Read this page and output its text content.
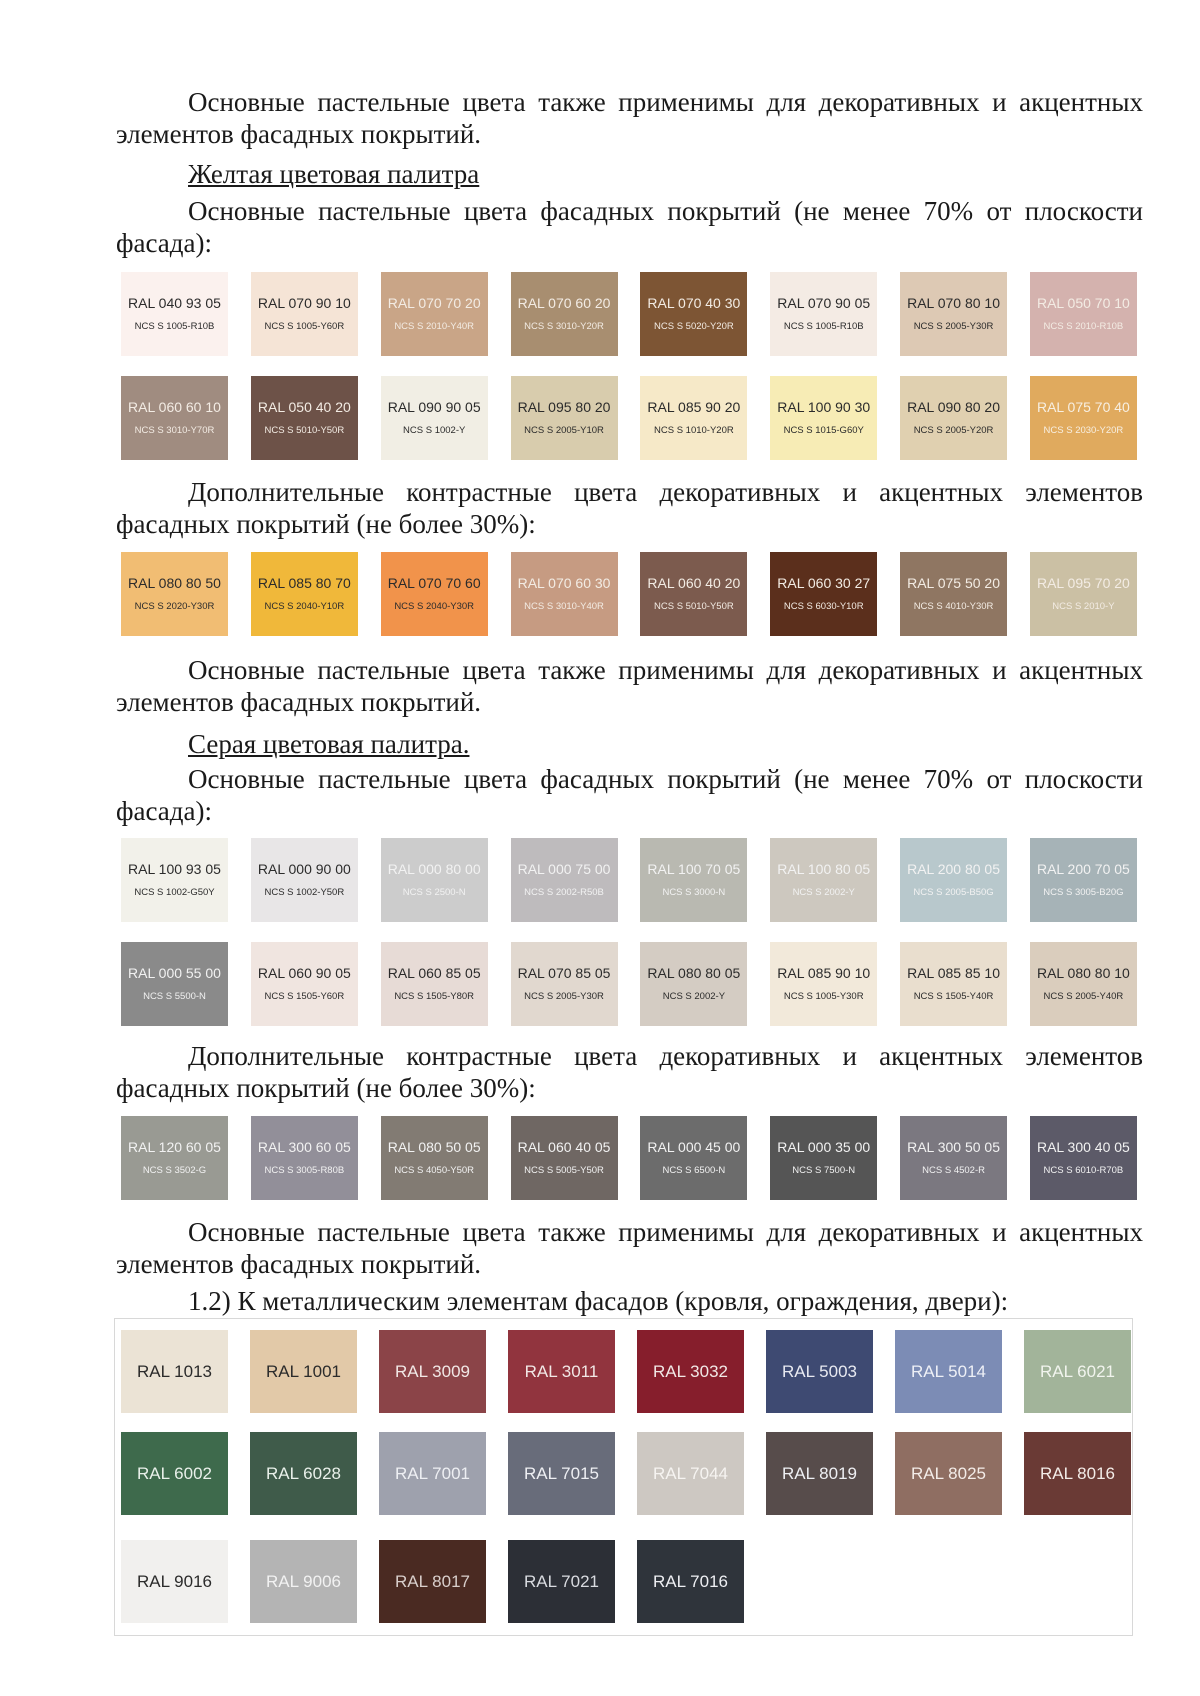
Основные пастельные цвета также применимы для декоративных и акцентных элементов фасадных покрытий.

Желтая цветовая палитра

Основные пастельные цвета фасадных покрытий (не менее 70% от плоскости фасада):

RAL 040 93 05
NCS S 1005-R10B
RAL 070 90 10
NCS S 1005-Y60R
RAL 070 70 20
NCS S 2010-Y40R
RAL 070 60 20
NCS S 3010-Y20R
RAL 070 40 30
NCS S 5020-Y20R
RAL 070 90 05
NCS S 1005-R10B
RAL 070 80 10
NCS S 2005-Y30R
RAL 050 70 10
NCS S 2010-R10B
RAL 060 60 10
NCS S 3010-Y70R
RAL 050 40 20
NCS S 5010-Y50R
RAL 090 90 05
NCS S 1002-Y
RAL 095 80 20
NCS S 2005-Y10R
RAL 085 90 20
NCS S 1010-Y20R
RAL 100 90 30
NCS S 1015-G60Y
RAL 090 80 20
NCS S 2005-Y20R
RAL 075 70 40
NCS S 2030-Y20R

Дополнительные контрастные цвета декоративных и акцентных элементов фасадных покрытий (не более 30%):

RAL 080 80 50
NCS S 2020-Y30R
RAL 085 80 70
NCS S 2040-Y10R
RAL 070 70 60
NCS S 2040-Y30R
RAL 070 60 30
NCS S 3010-Y40R
RAL 060 40 20
NCS S 5010-Y50R
RAL 060 30 27
NCS S 6030-Y10R
RAL 075 50 20
NCS S 4010-Y30R
RAL 095 70 20
NCS S 2010-Y

Основные пастельные цвета также применимы для декоративных и акцентных элементов фасадных покрытий.

Серая цветовая палитра.

Основные пастельные цвета фасадных покрытий (не менее 70% от плоскости фасада):

RAL 100 93 05
NCS S 1002-G50Y
RAL 000 90 00
NCS S 1002-Y50R
RAL 000 80 00
NCS S 2500-N
RAL 000 75 00
NCS S 2002-R50B
RAL 100 70 05
NCS S 3000-N
RAL 100 80 05
NCS S 2002-Y
RAL 200 80 05
NCS S 2005-B50G
RAL 200 70 05
NCS S 3005-B20G
RAL 000 55 00
NCS S 5500-N
RAL 060 90 05
NCS S 1505-Y60R
RAL 060 85 05
NCS S 1505-Y80R
RAL 070 85 05
NCS S 2005-Y30R
RAL 080 80 05
NCS S 2002-Y
RAL 085 90 10
NCS S 1005-Y30R
RAL 085 85 10
NCS S 1505-Y40R
RAL 080 80 10
NCS S 2005-Y40R

Дополнительные контрастные цвета декоративных и акцентных элементов фасадных покрытий (не более 30%):

RAL 120 60 05
NCS S 3502-G
RAL 300 60 05
NCS S 3005-R80B
RAL 080 50 05
NCS S 4050-Y50R
RAL 060 40 05
NCS S 5005-Y50R
RAL 000 45 00
NCS S 6500-N
RAL 000 35 00
NCS S 7500-N
RAL 300 50 05
NCS S 4502-R
RAL 300 40 05
NCS S 6010-R70B

Основные пастельные цвета также применимы для декоративных и акцентных элементов фасадных покрытий.

1.2) К металлическим элементам фасадов (кровля, ограждения, двери):

RAL 1013	RAL 1001	RAL 3009	RAL 3011	RAL 3032	RAL 5003	RAL 5014	RAL 6021
RAL 6002	RAL 6028	RAL 7001	RAL 7015	RAL 7044	RAL 8019	RAL 8025	RAL 8016
RAL 9016	RAL 9006	RAL 8017	RAL 7021	RAL 7016
